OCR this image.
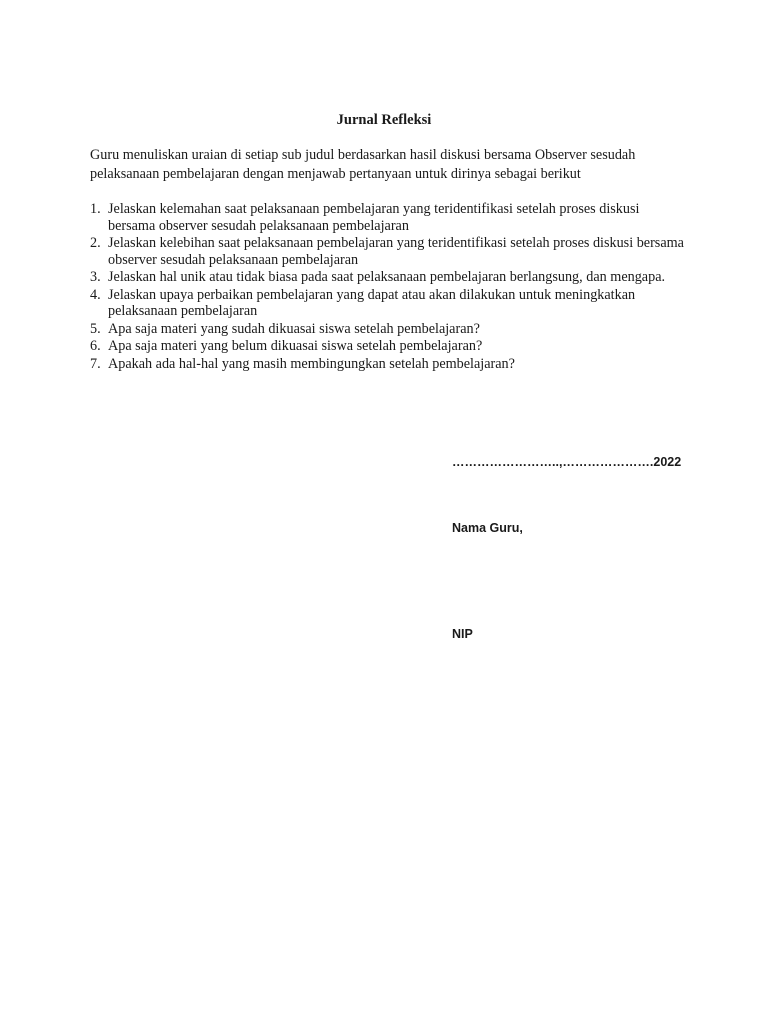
Jurnal Refleksi
Guru menuliskan uraian di setiap sub judul berdasarkan hasil diskusi bersama Observer sesudah pelaksanaan pembelajaran dengan menjawab pertanyaan untuk dirinya sebagai berikut
1. Jelaskan kelemahan saat pelaksanaan pembelajaran yang teridentifikasi setelah proses diskusi bersama observer sesudah pelaksanaan pembelajaran
2. Jelaskan kelebihan saat pelaksanaan pembelajaran yang teridentifikasi setelah proses diskusi bersama observer sesudah pelaksanaan pembelajaran
3. Jelaskan hal unik atau tidak biasa pada saat pelaksanaan pembelajaran berlangsung, dan mengapa.
4. Jelaskan upaya perbaikan pembelajaran yang dapat atau akan dilakukan untuk meningkatkan pelaksanaan pembelajaran
5. Apa saja materi yang sudah dikuasai siswa setelah pembelajaran?
6. Apa saja materi yang belum dikuasai siswa setelah pembelajaran?
7. Apakah ada hal-hal yang masih membingungkan setelah pembelajaran?
……………………..,………………….2022
Nama Guru,
NIP
